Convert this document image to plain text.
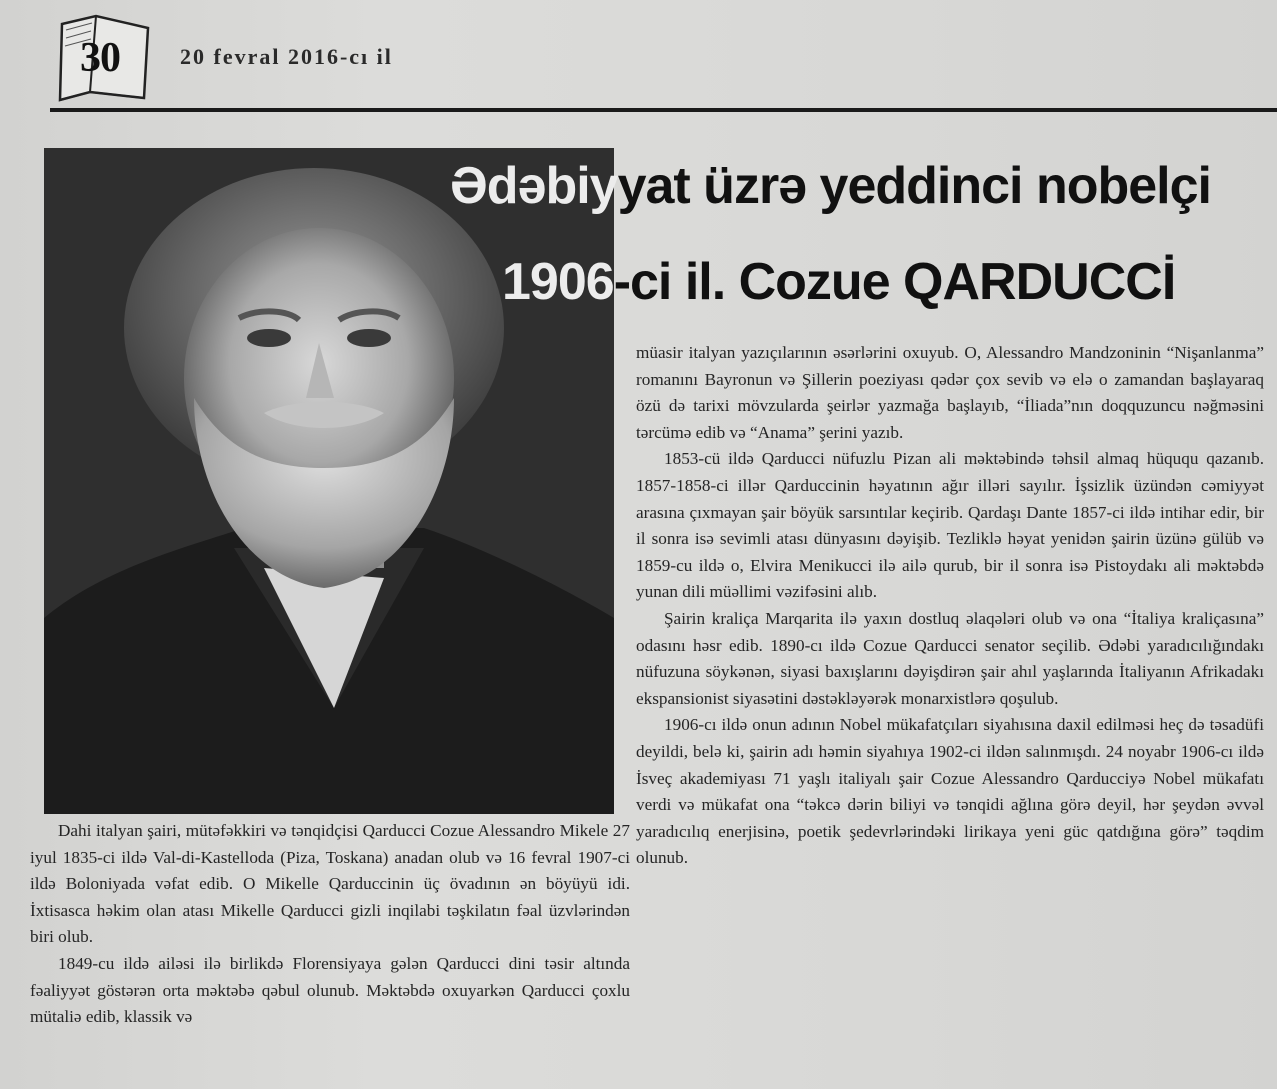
30	20 fevral 2016-cı il
Ədəbiyyat üzrə yeddinci nobelçi
1906-ci il. Cozue QARDUCCİ

müasir italyan yazıçılarının əsərlərini oxuyub. O, Alessandro Mandzoninin “Nişanlanma” romanını Bayronun və Şillerin poeziyası qədər çox sevib və elə o zamandan başlayaraq özü də tarixi mövzularda şeirlər yazmağa başlayıb, “İliada”nın doqquzuncu nəğməsini tərcümə edib və “Anama” şerini yazıb.

1853-cü ildə Qarducci nüfuzlu Pizan ali məktəbində təhsil almaq hüququ qazanıb. 1857-1858-ci illər Qarduccinin həyatının ağır illəri sayılır. İşsizlik üzündən cəmiyyət arasına çıxmayan şair böyük sarsıntılar keçirib. Qardaşı Dante 1857-ci ildə intihar edir, bir il sonra isə sevimli atası dünyasını dəyişib. Tezliklə həyat yenidən şairin üzünə gülüb və 1859-cu ildə o, Elvira Menikucci ilə ailə qurub, bir il sonra isə Pistoydakı ali məktəbdə yunan dili müəllimi vəzifəsini alıb.

Şairin kraliça Marqarita ilə yaxın dostluq əlaqələri olub və ona “İtaliya kraliçasına” odasını həsr edib. 1890-cı ildə Cozue Qarducci senator seçilib. Ədəbi yaradıcılığındakı nüfuzuna söykənən, siyasi baxışlarını dəyişdirən şair ahıl yaşlarında İtaliyanın Afrikadakı ekspansionist siyasətini dəstəkləyərək monarxistlərə qoşulub.

1906-cı ildə onun adının Nobel mükafatçıları siyahısına daxil edilməsi heç də təsadüfi deyildi, belə ki, şairin adı həmin siyahıya 1902-ci ildən salınmışdı. 24 noyabr 1906-cı ildə İsveç akademiyası 71 yaşlı italiyalı şair Cozue Alessandro Qarducciyə Nobel mükafatı verdi və mükafat ona “təkcə dərin biliyi və tənqidi ağlına görə deyil, hər şeydən əvvəl yaradıcılıq enerjisinə, poetik şedevrlərindəki lirikaya yeni güc qatdığına görə” təqdim olunub.

Dahi italyan şairi, mütəfəkkiri və tənqidçisi Qarducci Cozue Alessandro Mikele 27 iyul 1835-ci ildə Val-di-Kastelloda (Piza, Toskana) anadan olub və 16 fevral 1907-ci ildə Boloniyada vəfat edib. O Mikelle Qarduccinin üç övadının ən böyüyü idi. İxtisasca həkim olan atası Mikelle Qarducci gizli inqilabi təşkilatın fəal üzvlərindən biri olub.

1849-cu ildə ailəsi ilə birlikdə Florensiyaya gələn Qarducci dini təsir altında fəaliyyət göstərən orta məktəbə qəbul olunub. Məktəbdə oxuyarkən Qarducci çoxlu mütaliə edib, klassik və
